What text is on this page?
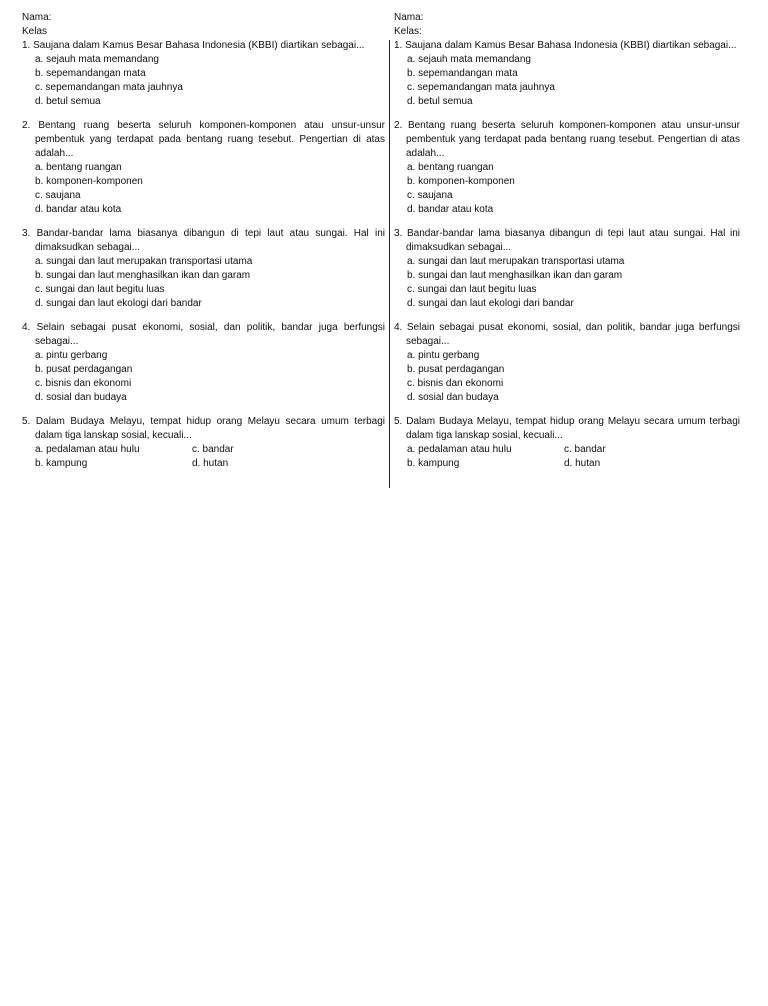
Nama:
Kelas
1. Saujana dalam Kamus Besar Bahasa Indonesia (KBBI) diartikan sebagai...
a. sejauh mata memandang
b. sepemandangan mata
c. sepemandangan mata jauhnya
d. betul semua
2. Bentang ruang beserta seluruh komponen-komponen atau unsur-unsur pembentuk yang terdapat pada bentang ruang tesebut. Pengertian di atas adalah...
a. bentang ruangan
b. komponen-komponen
c. saujana
d. bandar atau kota
3. Bandar-bandar lama biasanya dibangun di tepi laut atau sungai. Hal ini dimaksudkan sebagai...
a. sungai dan laut merupakan transportasi utama
b. sungai dan laut menghasilkan ikan dan garam
c. sungai dan laut begitu luas
d. sungai dan laut ekologi dari bandar
4. Selain sebagai pusat ekonomi, sosial, dan politik, bandar juga berfungsi sebagai...
a. pintu gerbang
b. pusat perdagangan
c. bisnis dan ekonomi
d. sosial dan budaya
5. Dalam Budaya Melayu, tempat hidup orang Melayu secara umum terbagi dalam tiga lanskap sosial, kecuali...
a. pedalaman atau hulu	c. bandar
b. kampung	d. hutan
Nama:
Kelas:
1. Saujana dalam Kamus Besar Bahasa Indonesia (KBBI) diartikan sebagai...
a. sejauh mata memandang
b. sepemandangan mata
c. sepemandangan mata jauhnya
d. betul semua
2. Bentang ruang beserta seluruh komponen-komponen atau unsur-unsur pembentuk yang terdapat pada bentang ruang tesebut. Pengertian di atas adalah...
a. bentang ruangan
b. komponen-komponen
c. saujana
d. bandar atau kota
3. Bandar-bandar lama biasanya dibangun di tepi laut atau sungai. Hal ini dimaksudkan sebagai...
a. sungai dan laut merupakan transportasi utama
b. sungai dan laut menghasilkan ikan dan garam
c. sungai dan laut begitu luas
d. sungai dan laut ekologi dari bandar
4. Selain sebagai pusat ekonomi, sosial, dan politik, bandar juga berfungsi sebagai...
a. pintu gerbang
b. pusat perdagangan
c. bisnis dan ekonomi
d. sosial dan budaya
5. Dalam Budaya Melayu, tempat hidup orang Melayu secara umum terbagi dalam tiga lanskap sosial, kecuali...
a. pedalaman atau hulu	c. bandar
b. kampung	d. hutan
